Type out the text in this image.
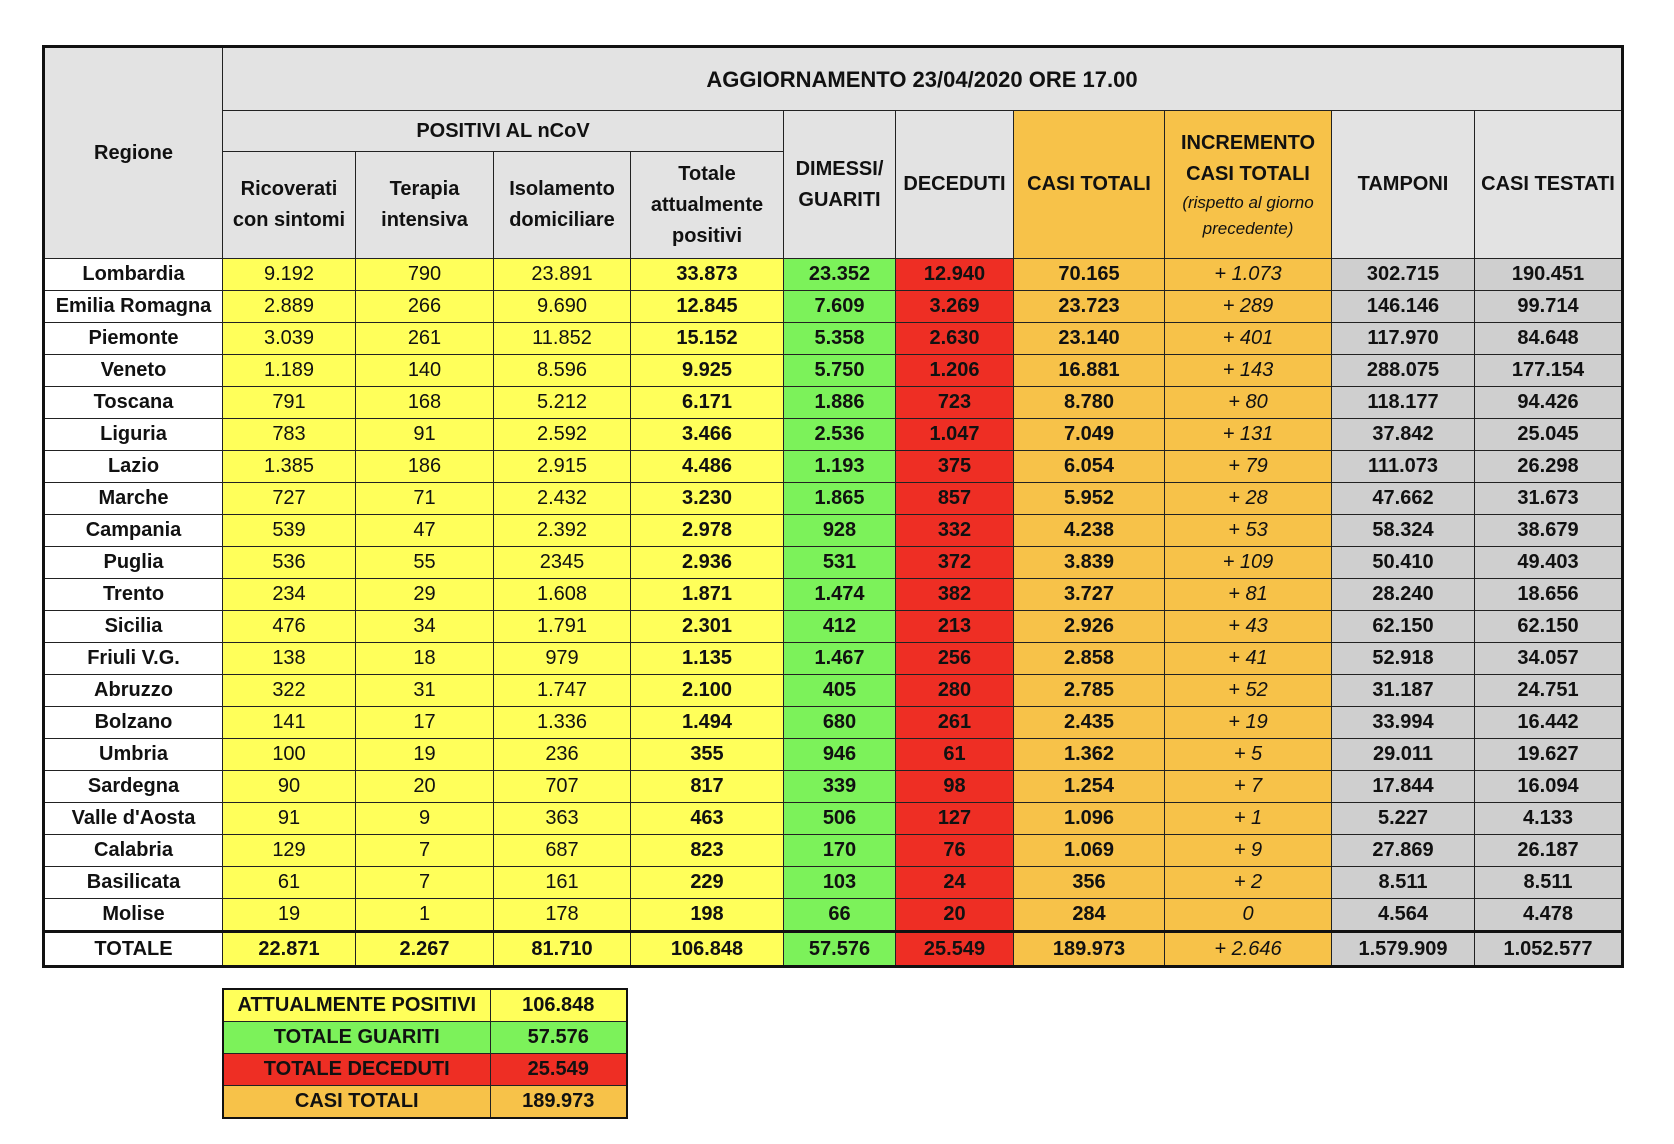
Regione	AGGIORNAMENTO 23/04/2020 ORE 17.00									
	POSITIVI AL nCoV				DIMESSI/ GUARITI	DECEDUTI	CASI TOTALI	INCREMENTO CASI TOTALI
(rispetto al giorno precedente)	TAMPONI	CASI TESTATI
	Ricoverati con sintomi	Terapia intensiva	Isolamento domiciliare	Totale attualmente positivi						
Lombardia	9.192	790	23.891	33.873	23.352	12.940	70.165	+ 1.073	302.715	190.451
Emilia Romagna	2.889	266	9.690	12.845	7.609	3.269	23.723	+ 289	146.146	99.714
Piemonte	3.039	261	11.852	15.152	5.358	2.630	23.140	+ 401	117.970	84.648
Veneto	1.189	140	8.596	9.925	5.750	1.206	16.881	+ 143	288.075	177.154
Toscana	791	168	5.212	6.171	1.886	723	8.780	+ 80	118.177	94.426
Liguria	783	91	2.592	3.466	2.536	1.047	7.049	+ 131	37.842	25.045
Lazio	1.385	186	2.915	4.486	1.193	375	6.054	+ 79	111.073	26.298
Marche	727	71	2.432	3.230	1.865	857	5.952	+ 28	47.662	31.673
Campania	539	47	2.392	2.978	928	332	4.238	+ 53	58.324	38.679
Puglia	536	55	2345	2.936	531	372	3.839	+ 109	50.410	49.403
Trento	234	29	1.608	1.871	1.474	382	3.727	+ 81	28.240	18.656
Sicilia	476	34	1.791	2.301	412	213	2.926	+ 43	62.150	62.150
Friuli V.G.	138	18	979	1.135	1.467	256	2.858	+ 41	52.918	34.057
Abruzzo	322	31	1.747	2.100	405	280	2.785	+ 52	31.187	24.751
Bolzano	141	17	1.336	1.494	680	261	2.435	+ 19	33.994	16.442
Umbria	100	19	236	355	946	61	1.362	+ 5	29.011	19.627
Sardegna	90	20	707	817	339	98	1.254	+ 7	17.844	16.094
Valle d'Aosta	91	9	363	463	506	127	1.096	+ 1	5.227	4.133
Calabria	129	7	687	823	170	76	1.069	+ 9	27.869	26.187
Basilicata	61	7	161	229	103	24	356	+ 2	8.511	8.511
Molise	19	1	178	198	66	20	284	0	4.564	4.478
TOTALE	22.871	2.267	81.710	106.848	57.576	25.549	189.973	+ 2.646	1.579.909	1.052.577
ATTUALMENTE POSITIVI	106.848
TOTALE GUARITI	57.576
TOTALE DECEDUTI	25.549
CASI TOTALI	189.973
